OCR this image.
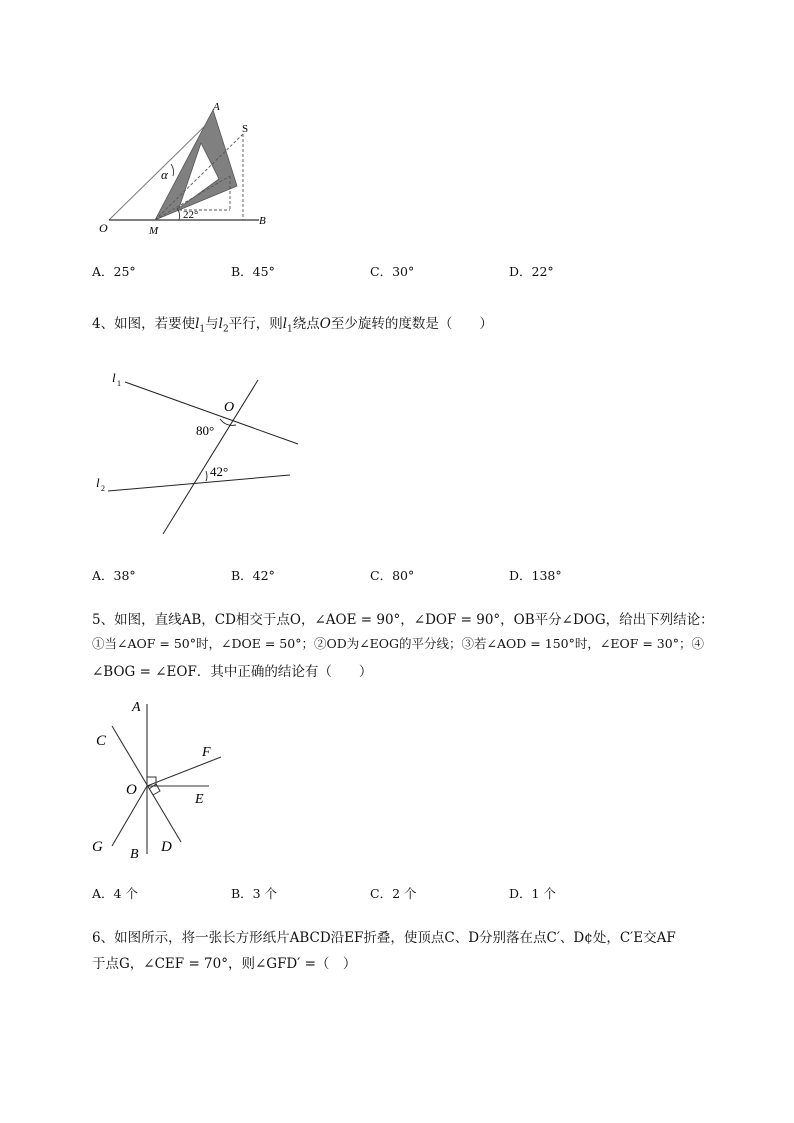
A
S
α
22°
O	M
B
A．25°	B．45°	C．30°	D．22°
4、如图，若要使$l_1$与$l_2$平行，则$l_1$绕点O至少旋转的度数是（　　）
l 1
O
80°
42°
l 2
A．38°	B．42°	C．80°	D．138°
5、如图，直线AB，CD相交于点O，∠AOE = 90°，∠DOF = 90°，OB平分∠DOG，给出下列结论：
①当∠AOF = 50°时，∠DOE = 50°；②OD为∠EOG的平分线；③若∠AOD = 150°时，∠EOF = 30°；④
∠BOG = ∠EOF．其中正确的结论有（　　）
A
C
F
O
E
G B D
A．4 个	B．3 个	C．2 个	D．1 个
6、如图所示，将一张长方形纸片ABCD沿EF折叠，使顶点C、D分别落在点C′、D¢处，C′E交AF
于点G，∠CEF = 70°，则∠GFD′ =（　）
